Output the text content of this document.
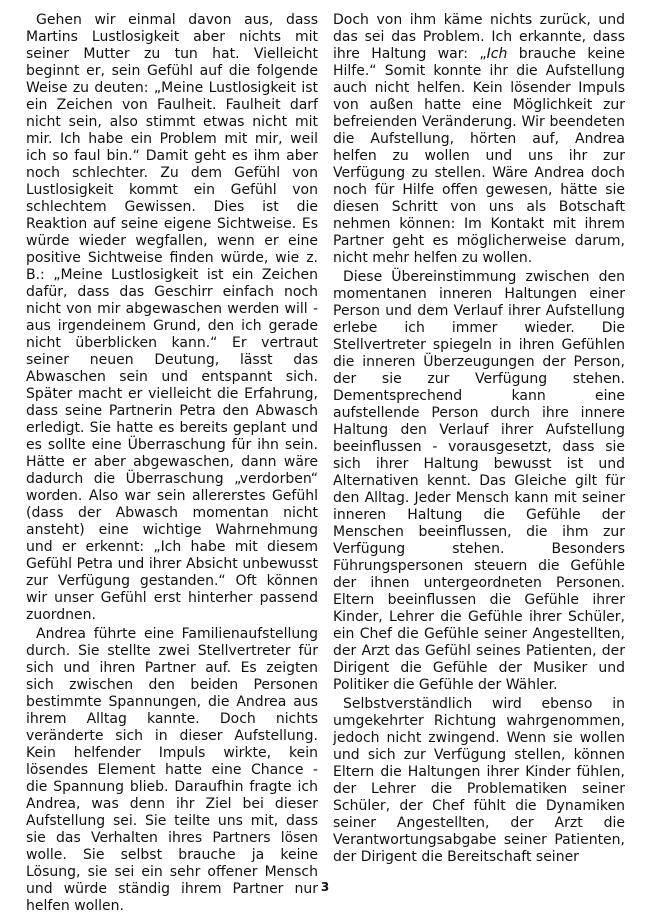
Gehen wir einmal davon aus, dass Martins Lustlosigkeit aber nichts mit seiner Mutter zu tun hat. Vielleicht beginnt er, sein Gefühl auf die folgende Weise zu deuten: „Meine Lustlosigkeit ist ein Zeichen von Faulheit. Faulheit darf nicht sein, also stimmt etwas nicht mit mir. Ich habe ein Problem mit mir, weil ich so faul bin.“ Damit geht es ihm aber noch schlechter. Zu dem Gefühl von Lustlosigkeit kommt ein Gefühl von schlechtem Gewissen. Dies ist die Reaktion auf seine eigene Sichtweise. Es würde wieder wegfallen, wenn er eine positive Sichtweise finden würde, wie z. B.: „Meine Lustlosigkeit ist ein Zeichen dafür, dass das Geschirr einfach noch nicht von mir abgewaschen werden will - aus irgendeinem Grund, den ich gerade nicht überblicken kann.“ Er vertraut seiner neuen Deutung, lässt das Abwaschen sein und entspannt sich. Später macht er vielleicht die Erfahrung, dass seine Partnerin Petra den Abwasch erledigt. Sie hatte es bereits geplant und es sollte eine Überraschung für ihn sein. Hätte er aber abgewaschen, dann wäre dadurch die Überraschung „verdorben“ worden. Also war sein allererstes Gefühl (dass der Abwasch momentan nicht ansteht) eine wichtige Wahrnehmung und er erkennt: „Ich habe mit diesem Gefühl Petra und ihrer Absicht unbewusst zur Verfügung gestanden.“ Oft können wir unser Gefühl erst hinterher passend zuordnen.

Andrea führte eine Familienaufstellung durch. Sie stellte zwei Stellvertreter für sich und ihren Partner auf. Es zeigten sich zwischen den beiden Personen bestimmte Spannungen, die Andrea aus ihrem Alltag kannte. Doch nichts veränderte sich in dieser Aufstellung. Kein helfender Impuls wirkte, kein lösendes Element hatte eine Chance - die Spannung blieb. Daraufhin fragte ich Andrea, was denn ihr Ziel bei dieser Aufstellung sei. Sie teilte uns mit, dass sie das Verhalten ihres Partners lösen wolle. Sie selbst brauche ja keine Lösung, sie sei ein sehr offener Mensch und würde ständig ihrem Partner nur helfen wollen.

Doch von ihm käme nichts zurück, und das sei das Problem. Ich erkannte, dass ihre Haltung war: „Ich brauche keine Hilfe.“ Somit konnte ihr die Aufstellung auch nicht helfen. Kein lösender Impuls von außen hatte eine Möglichkeit zur befreienden Veränderung. Wir beendeten die Aufstellung, hörten auf, Andrea helfen zu wollen und uns ihr zur Verfügung zu stellen. Wäre Andrea doch noch für Hilfe offen gewesen, hätte sie diesen Schritt von uns als Botschaft nehmen können: Im Kontakt mit ihrem Partner geht es möglicherweise darum, nicht mehr helfen zu wollen.

Diese Übereinstimmung zwischen den momentanen inneren Haltungen einer Person und dem Verlauf ihrer Aufstellung erlebe ich immer wieder. Die Stellvertreter spiegeln in ihren Gefühlen die inneren Überzeugungen der Person, der sie zur Verfügung stehen. Dementsprechend kann eine aufstellende Person durch ihre innere Haltung den Verlauf ihrer Aufstellung beeinflussen - vorausgesetzt, dass sie sich ihrer Haltung bewusst ist und Alternativen kennt. Das Gleiche gilt für den Alltag. Jeder Mensch kann mit seiner inneren Haltung die Gefühle der Menschen beeinflussen, die ihm zur Verfügung stehen. Besonders Führungspersonen steuern die Gefühle der ihnen untergeordneten Personen. Eltern beeinflussen die Gefühle ihrer Kinder, Lehrer die Gefühle ihrer Schüler, ein Chef die Gefühle seiner Angestellten, der Arzt das Gefühl seines Patienten, der Dirigent die Gefühle der Musiker und Politiker die Gefühle der Wähler.

Selbstverständlich wird ebenso in umgekehrter Richtung wahrgenommen, jedoch nicht zwingend. Wenn sie wollen und sich zur Verfügung stellen, können Eltern die Haltungen ihrer Kinder fühlen, der Lehrer die Problematiken seiner Schüler, der Chef fühlt die Dynamiken seiner Angestellten, der Arzt die Verantwortungsabgabe seiner Patienten, der Dirigent die Bereitschaft seiner

3
